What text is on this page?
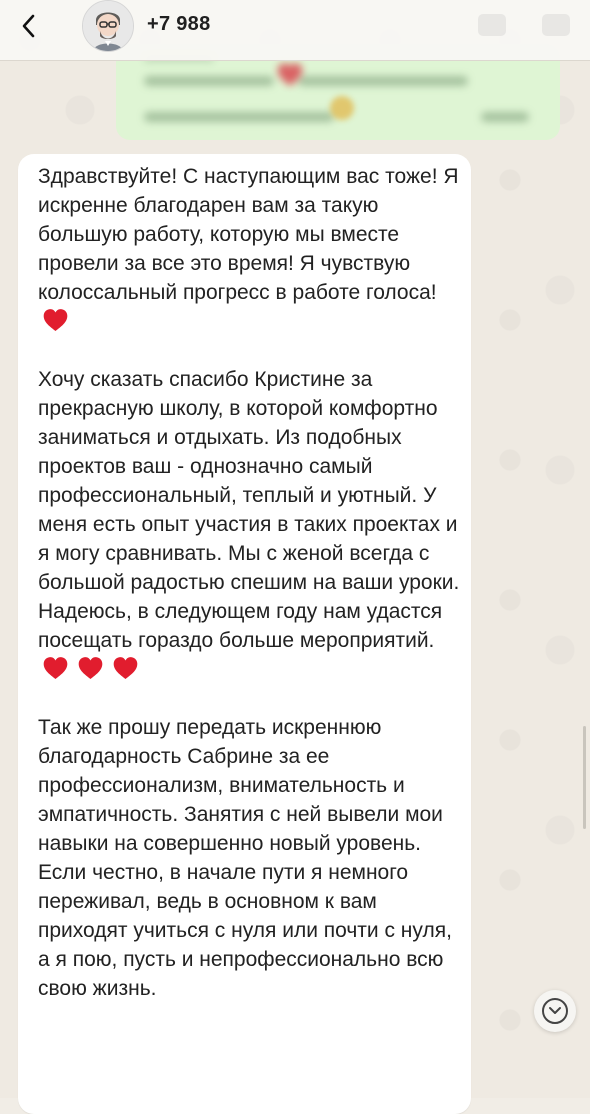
+7 988

Здравствуйте! С наступающим вас тоже! Я искренне благодарен вам за такую большую работу, которую мы вместе провели за все это время! Я чувствую колоссальный прогресс в работе голоса!

Хочу сказать спасибо Кристине за прекрасную школу, в которой комфортно заниматься и отдыхать. Из подобных проектов ваш - однозначно самый профессиональный, теплый и уютный. У меня есть опыт участия в таких проектах и я могу сравнивать. Мы с женой всегда с большой радостью спешим на ваши уроки. Надеюсь, в следующем году нам удастся посещать гораздо больше мероприятий.

Так же прошу передать искреннюю благодарность Сабрине за ее профессионализм, внимательность и эмпатичность. Занятия с ней вывели мои навыки на совершенно новый уровень. Если честно, в начале пути я немного переживал, ведь в основном к вам приходят учиться с нуля или почти с нуля, а я пою, пусть и непрофессионально всю свою жизнь.
